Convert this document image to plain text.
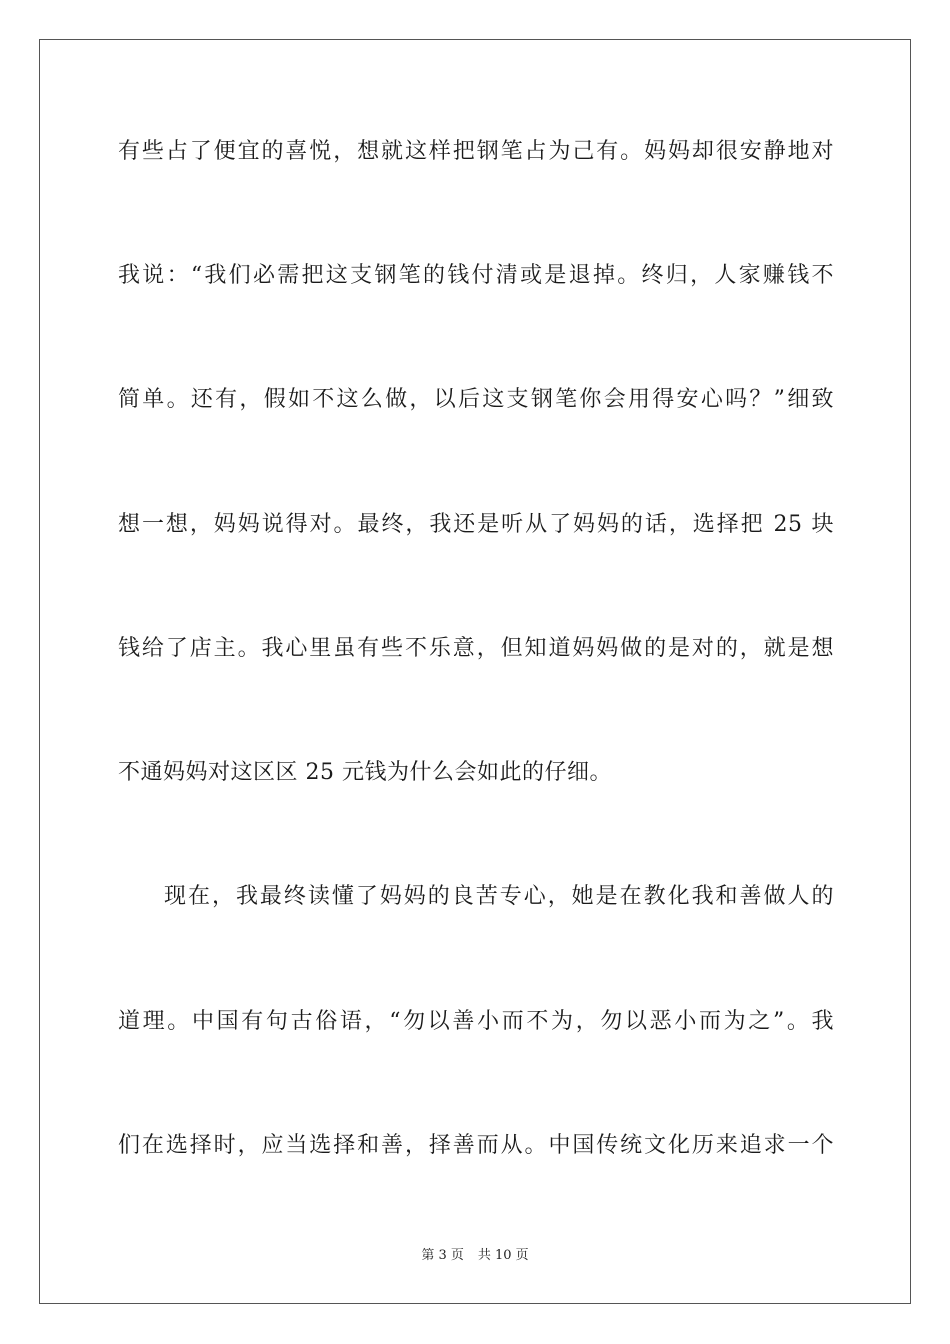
有些占了便宜的喜悦，想就这样把钢笔占为己有。妈妈却很安静地对
我说：“我们必需把这支钢笔的钱付清或是退掉。终归，人家赚钱不
简单。还有，假如不这么做，以后这支钢笔你会用得安心吗？”细致
想一想，妈妈说得对。最终，我还是听从了妈妈的话，选择把 25 块
钱给了店主。我心里虽有些不乐意，但知道妈妈做的是对的，就是想
不通妈妈对这区区 25 元钱为什么会如此的仔细。
现在，我最终读懂了妈妈的良苦专心，她是在教化我和善做人的
道理。中国有句古俗语，“勿以善小而不为，勿以恶小而为之”。我
们在选择时，应当选择和善，择善而从。中国传统文化历来追求一个
第 3 页 共 10 页
